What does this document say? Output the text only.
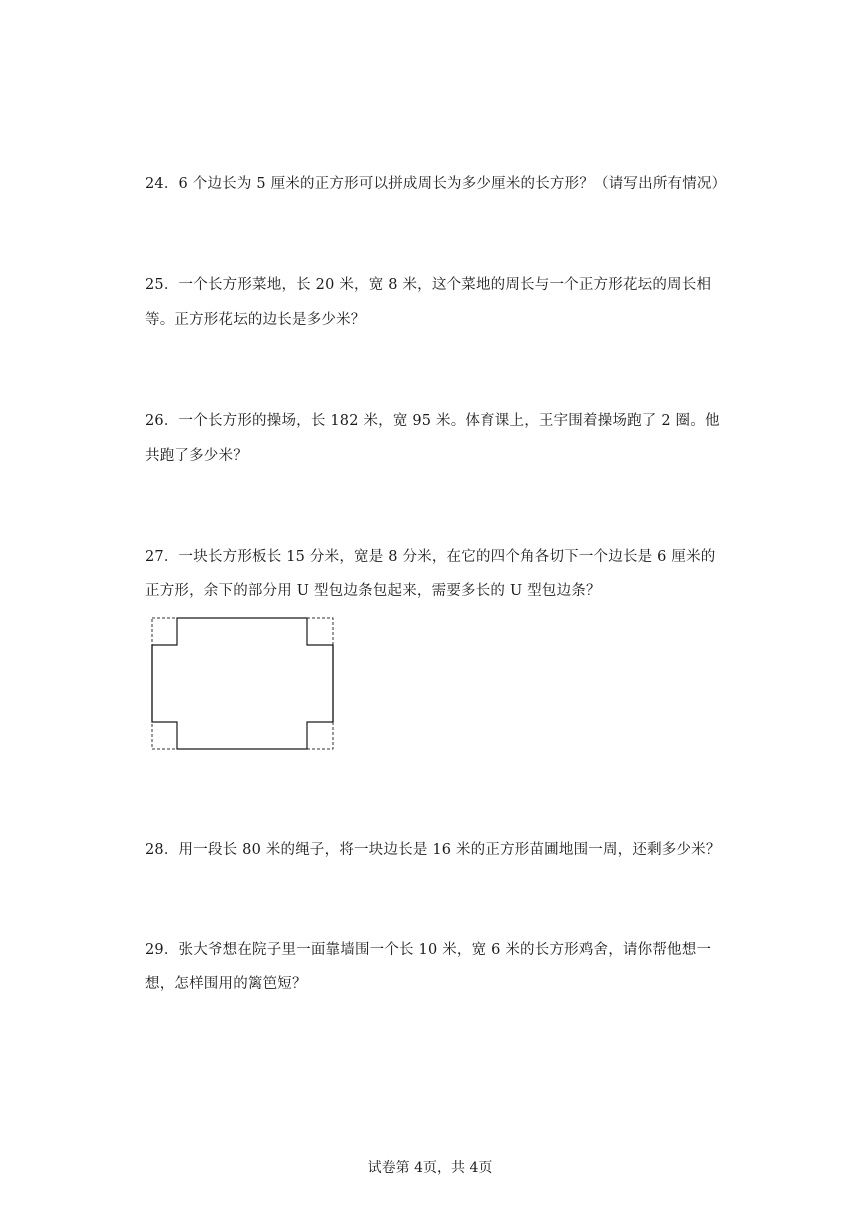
24．6 个边长为 5 厘米的正方形可以拼成周长为多少厘米的长方形？（请写出所有情况）
25．一个长方形菜地，长 20 米，宽 8 米，这个菜地的周长与一个正方形花坛的周长相
等。正方形花坛的边长是多少米？
26．一个长方形的操场，长 182 米，宽 95 米。体育课上，王宇围着操场跑了 2 圈。他
共跑了多少米？
27．一块长方形板长 15 分米，宽是 8 分米，在它的四个角各切下一个边长是 6 厘米的
正方形，余下的部分用 U 型包边条包起来，需要多长的 U 型包边条？
28．用一段长 80 米的绳子，将一块边长是 16 米的正方形苗圃地围一周，还剩多少米？
29．张大爷想在院子里一面靠墙围一个长 10 米，宽 6 米的长方形鸡舍，请你帮他想一
想，怎样围用的篱笆短？
试卷第 4页，共 4页
